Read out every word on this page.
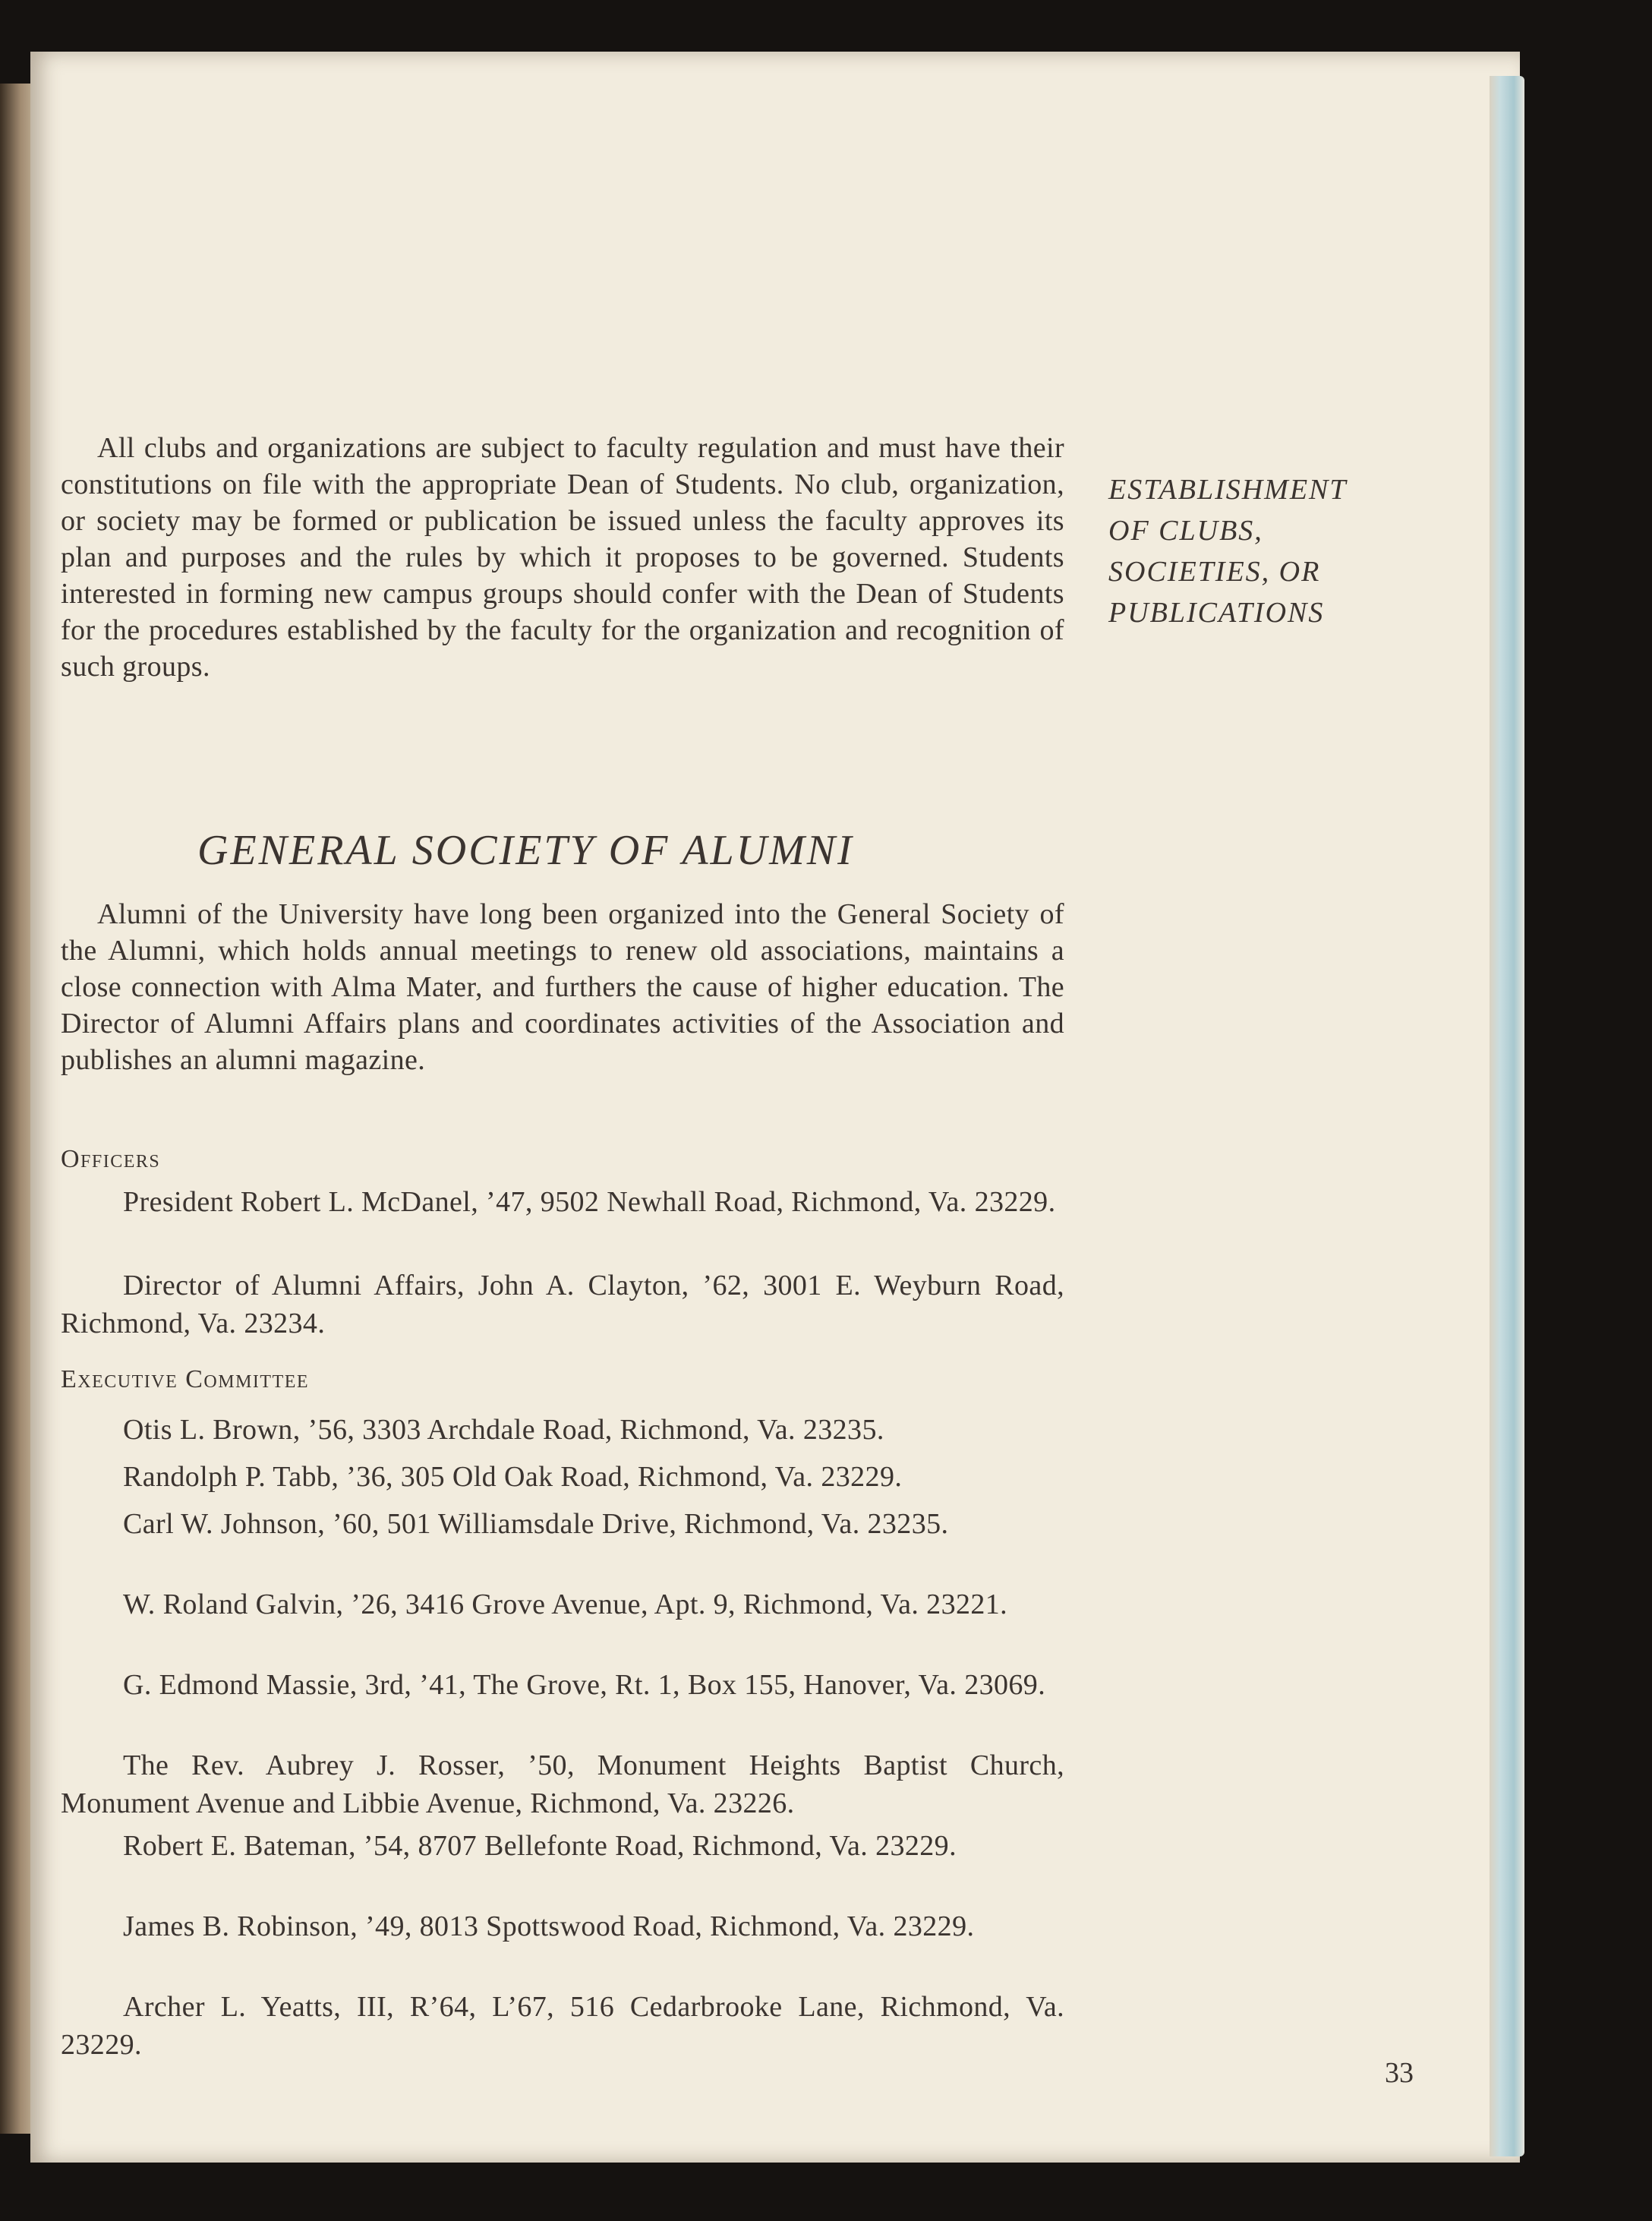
All clubs and organizations are subject to faculty regulation and must have their constitutions on file with the appropriate Dean of Students. No club, organization, or society may be formed or publication be issued unless the faculty approves its plan and purposes and the rules by which it proposes to be governed. Students interested in forming new campus groups should confer with the Dean of Students for the procedures established by the faculty for the organization and recognition of such groups.

GENERAL SOCIETY OF ALUMNI

Alumni of the University have long been organized into the General Society of the Alumni, which holds annual meetings to renew old associations, maintains a close connection with Alma Mater, and furthers the cause of higher education. The Director of Alumni Affairs plans and coordinates activities of the Association and publishes an alumni magazine.

Officers

President Robert L. McDanel, ’47, 9502 Newhall Road, Richmond, Va. 23229.

Director of Alumni Affairs, John A. Clayton, ’62, 3001 E. Weyburn Road, Richmond, Va. 23234.

Executive Committee

Otis L. Brown, ’56, 3303 Archdale Road, Richmond, Va. 23235.

Randolph P. Tabb, ’36, 305 Old Oak Road, Richmond, Va. 23229.

Carl W. Johnson, ’60, 501 Williamsdale Drive, Richmond, Va. 23235.

W. Roland Galvin, ’26, 3416 Grove Avenue, Apt. 9, Richmond, Va. 23221.

G. Edmond Massie, 3rd, ’41, The Grove, Rt. 1, Box 155, Hanover, Va. 23069.

The Rev. Aubrey J. Rosser, ’50, Monument Heights Baptist Church, Monument Avenue and Libbie Avenue, Richmond, Va. 23226.

Robert E. Bateman, ’54, 8707 Bellefonte Road, Richmond, Va. 23229.

James B. Robinson, ’49, 8013 Spottswood Road, Richmond, Va. 23229.

Archer L. Yeatts, III, R’64, L’67, 516 Cedarbrooke Lane, Richmond, Va. 23229.

ESTABLISHMENT
OF CLUBS,
SOCIETIES, OR
PUBLICATIONS
33
